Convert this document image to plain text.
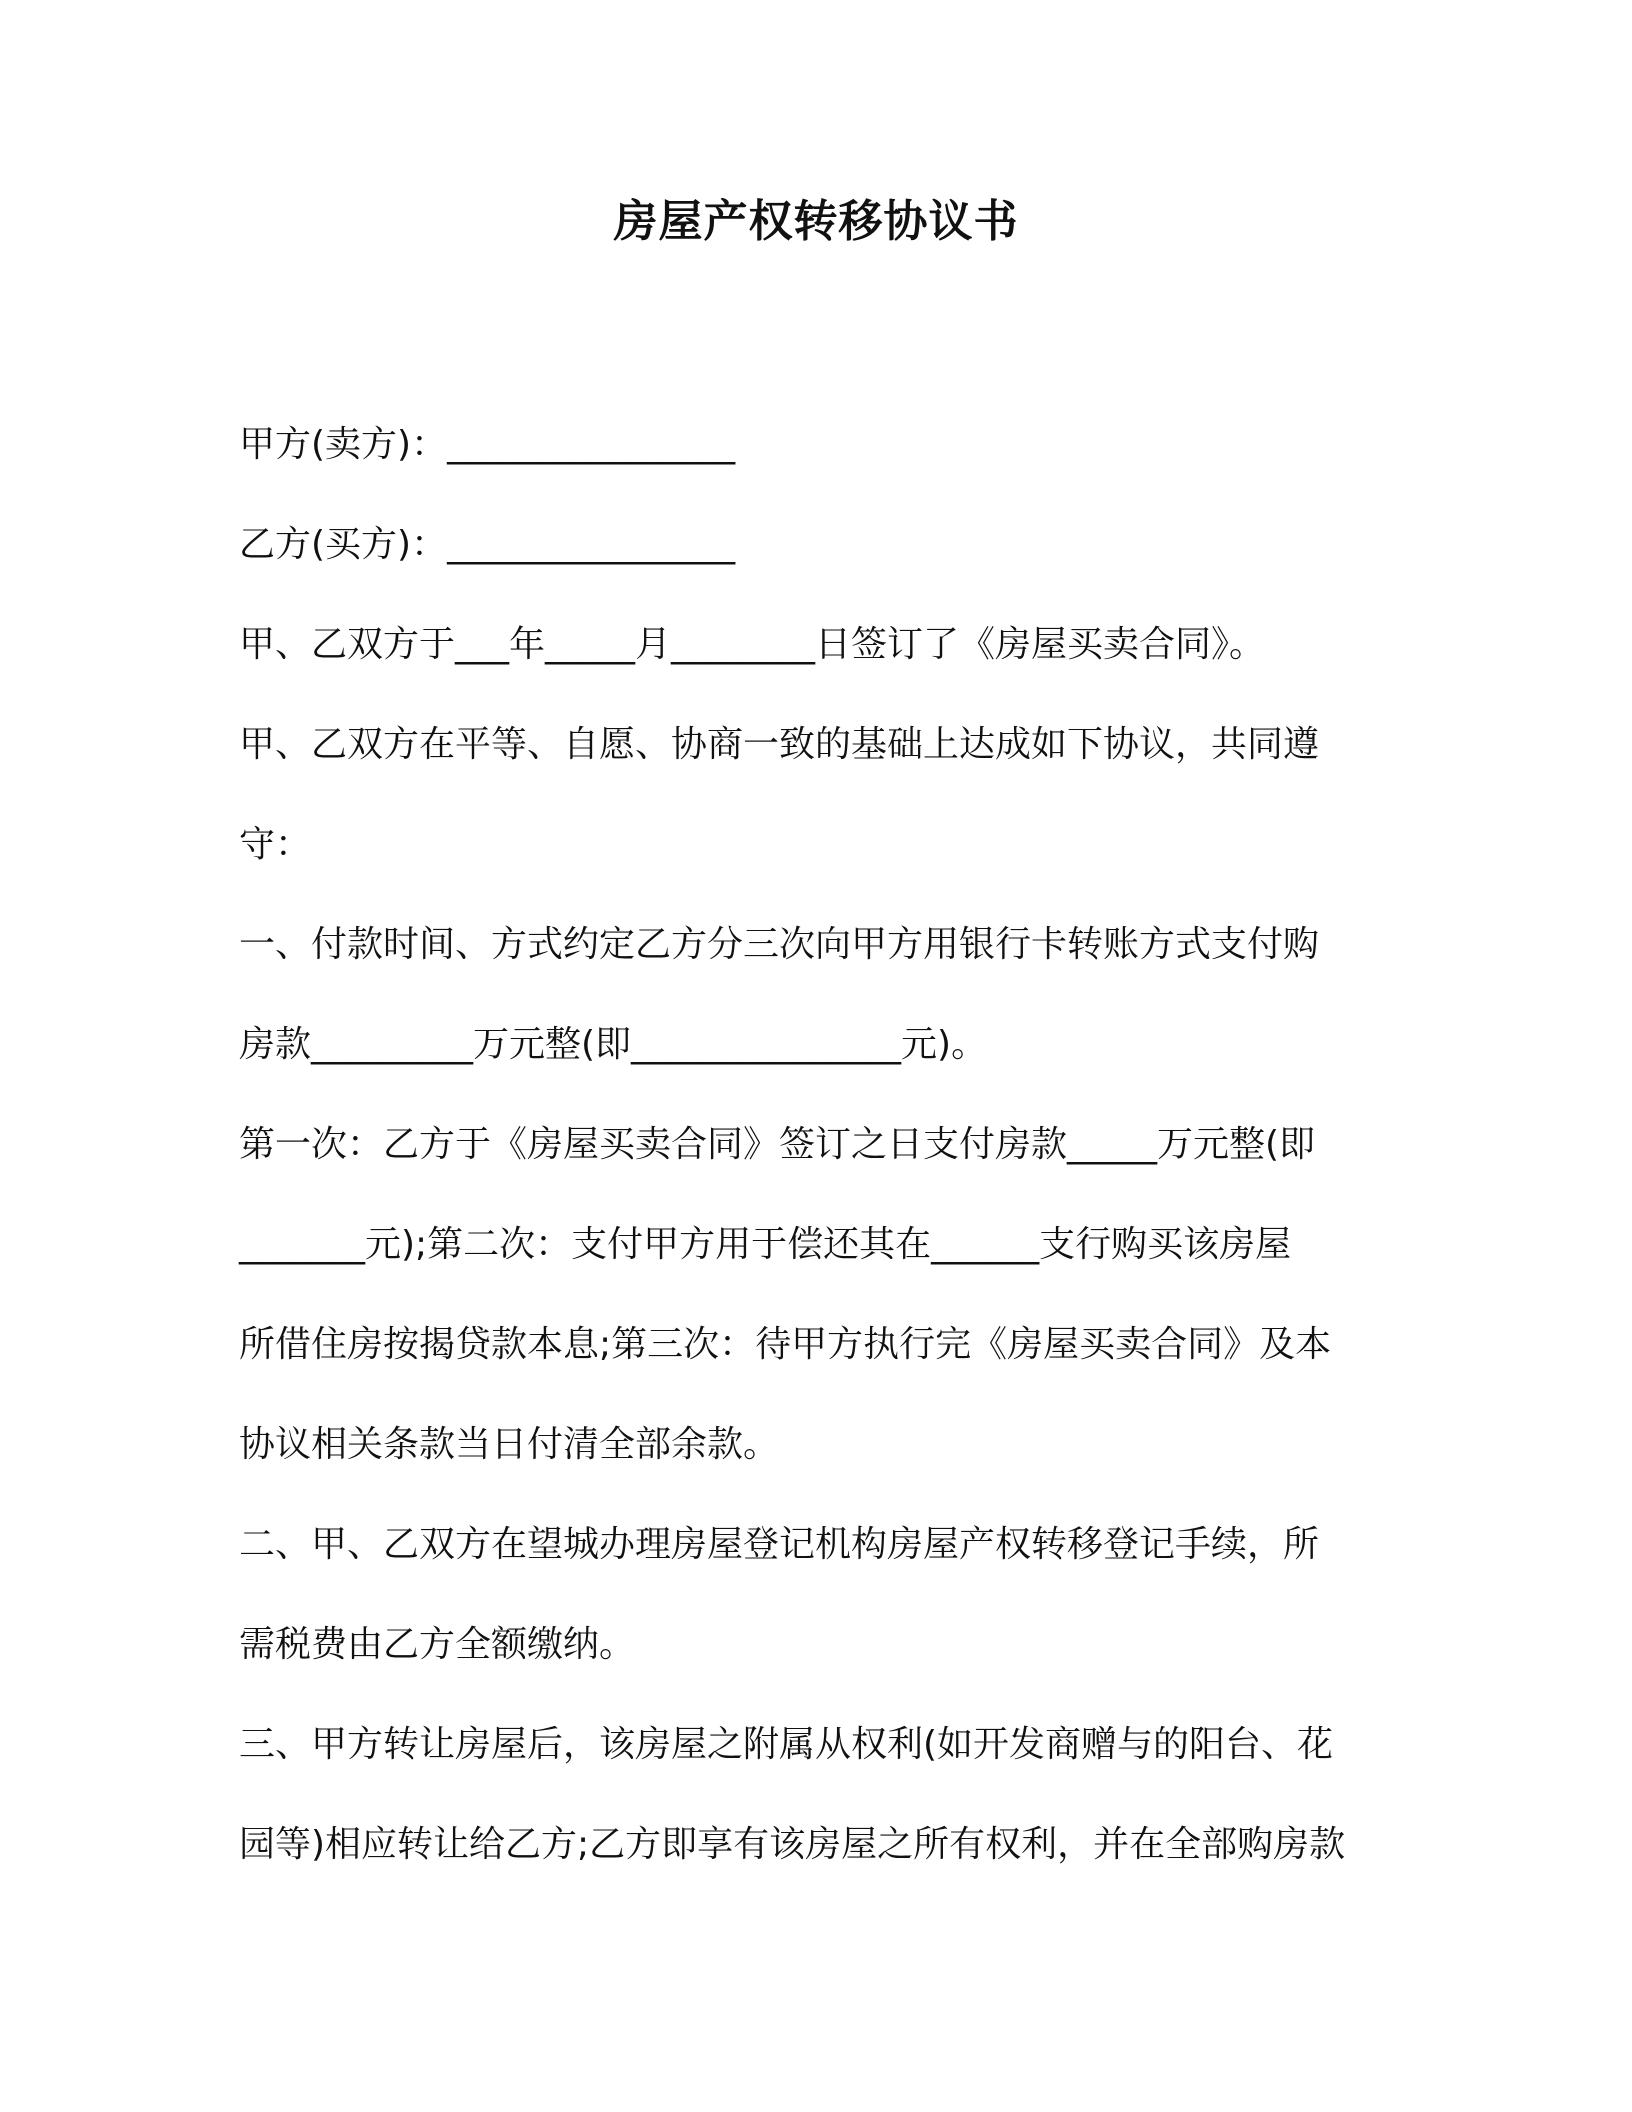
房屋产权转移协议书
甲方(卖方)：________________
乙方(买方)：________________
甲、乙双方于___年_____月________日签订了《房屋买卖合同》。
甲、乙双方在平等、自愿、协商一致的基础上达成如下协议，共同遵
守：
一、付款时间、方式约定乙方分三次向甲方用银行卡转账方式支付购
房款_________万元整(即_______________元)。
第一次：乙方于《房屋买卖合同》签订之日支付房款_____万元整(即
_______元);第二次：支付甲方用于偿还其在______支行购买该房屋
所借住房按揭贷款本息;第三次：待甲方执行完《房屋买卖合同》及本
协议相关条款当日付清全部余款。
二、甲、乙双方在望城办理房屋登记机构房屋产权转移登记手续，所
需税费由乙方全额缴纳。
三、甲方转让房屋后，该房屋之附属从权利(如开发商赠与的阳台、花
园等)相应转让给乙方;乙方即享有该房屋之所有权利，并在全部购房款
